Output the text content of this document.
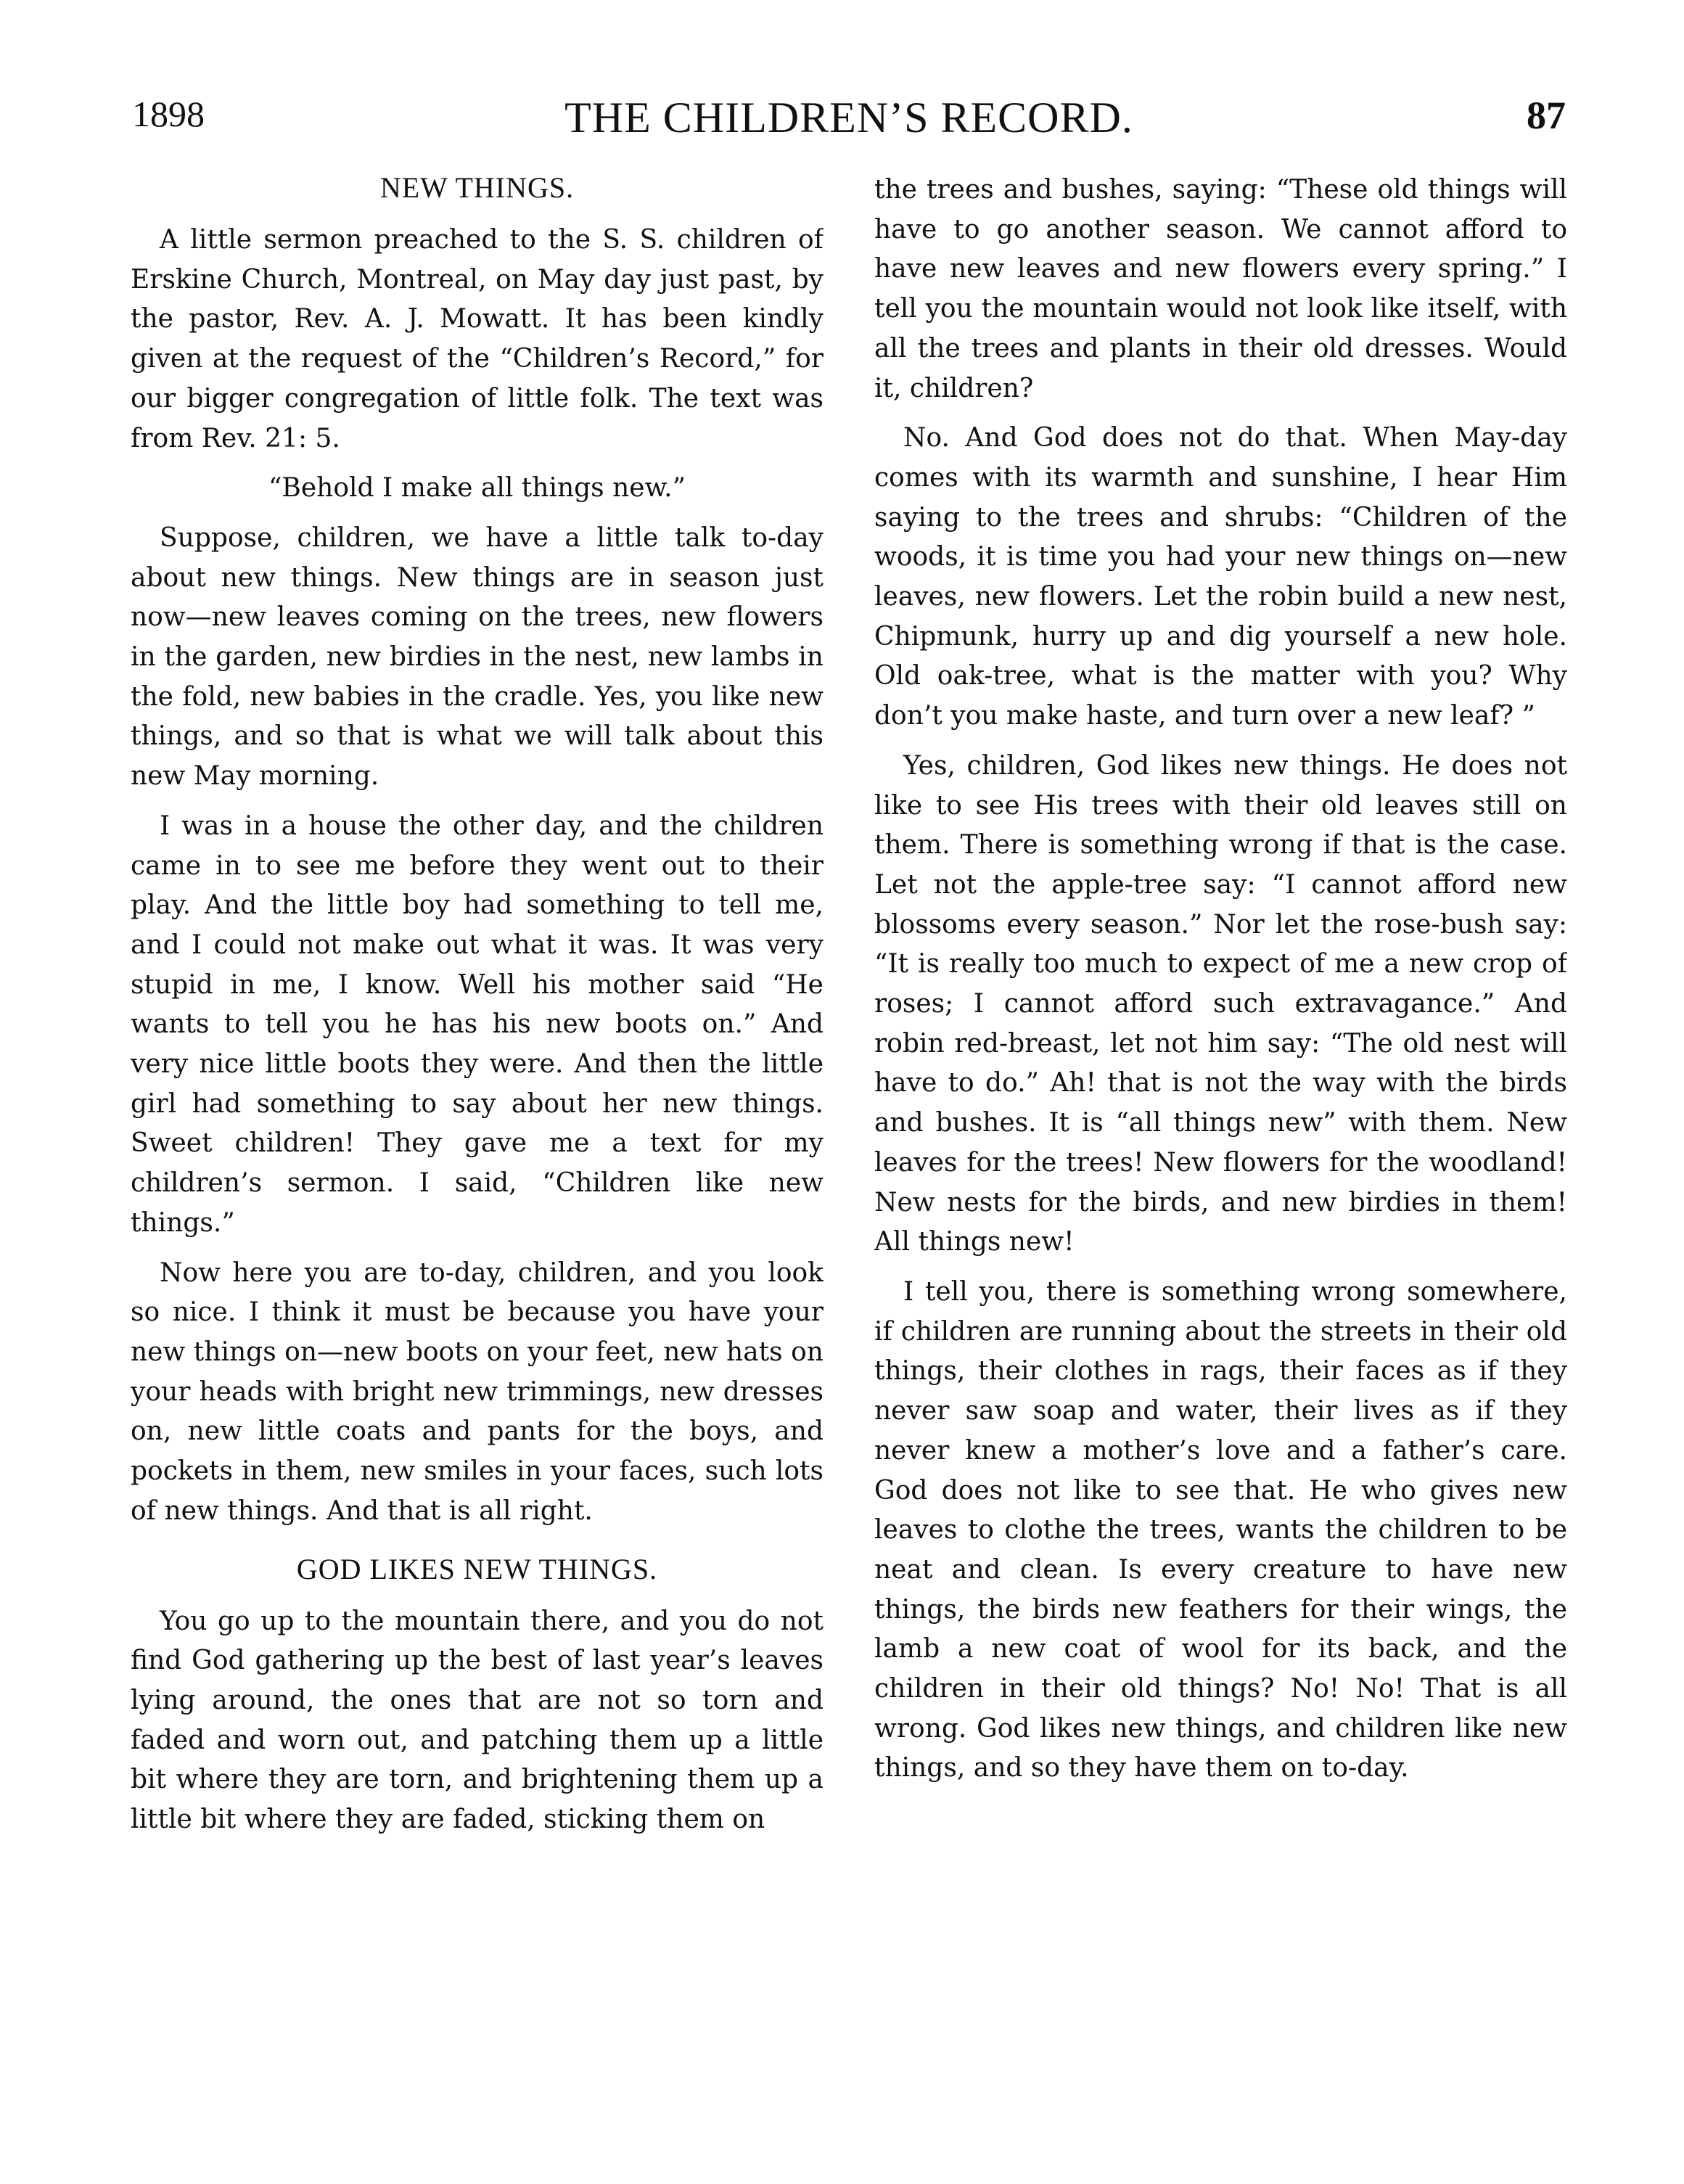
1898	THE CHILDREN’S RECORD.	87
NEW THINGS.

A little sermon preached to the S. S. children of Erskine Church, Montreal, on May day just past, by the pastor, Rev. A. J. Mowatt. It has been kindly given at the request of the “Children’s Record,” for our bigger congregation of little folk. The text was from Rev. 21: 5.

“Behold I make all things new.”

Suppose, children, we have a little talk to-day about new things. New things are in season just now—new leaves coming on the trees, new flowers in the garden, new birdies in the nest, new lambs in the fold, new babies in the cradle. Yes, you like new things, and so that is what we will talk about this new May morning.

I was in a house the other day, and the children came in to see me before they went out to their play. And the little boy had something to tell me, and I could not make out what it was. It was very stupid in me, I know. Well his mother said “He wants to tell you he has his new boots on.” And very nice little boots they were. And then the little girl had something to say about her new things. Sweet children! They gave me a text for my children’s sermon. I said, “Children like new things.”

Now here you are to-day, children, and you look so nice. I think it must be because you have your new things on—new boots on your feet, new hats on your heads with bright new trimmings, new dresses on, new little coats and pants for the boys, and pockets in them, new smiles in your faces, such lots of new things. And that is all right.

GOD LIKES NEW THINGS.

You go up to the mountain there, and you do not find God gathering up the best of last year’s leaves lying around, the ones that are not so torn and faded and worn out, and patching them up a little bit where they are torn, and brightening them up a little bit where they are faded, sticking them on

the trees and bushes, saying: “These old things will have to go another season. We cannot afford to have new leaves and new flowers every spring.” I tell you the mountain would not look like itself, with all the trees and plants in their old dresses. Would it, children?

No. And God does not do that. When May-day comes with its warmth and sunshine, I hear Him saying to the trees and shrubs: “Children of the woods, it is time you had your new things on—new leaves, new flowers. Let the robin build a new nest, Chipmunk, hurry up and dig yourself a new hole. Old oak-tree, what is the matter with you? Why don’t you make haste, and turn over a new leaf? ”

Yes, children, God likes new things. He does not like to see His trees with their old leaves still on them. There is something wrong if that is the case. Let not the apple-tree say: “I cannot afford new blossoms every season.” Nor let the rose-bush say: “It is really too much to expect of me a new crop of roses; I cannot afford such extravagance.” And robin red-breast, let not him say: “The old nest will have to do.” Ah! that is not the way with the birds and bushes. It is “all things new” with them. New leaves for the trees! New flowers for the woodland! New nests for the birds, and new birdies in them! All things new!

I tell you, there is something wrong somewhere, if children are running about the streets in their old things, their clothes in rags, their faces as if they never saw soap and water, their lives as if they never knew a mother’s love and a father’s care. God does not like to see that. He who gives new leaves to clothe the trees, wants the children to be neat and clean. Is every creature to have new things, the birds new feathers for their wings, the lamb a new coat of wool for its back, and the children in their old things? No! No! That is all wrong. God likes new things, and children like new things, and so they have them on to-day.
